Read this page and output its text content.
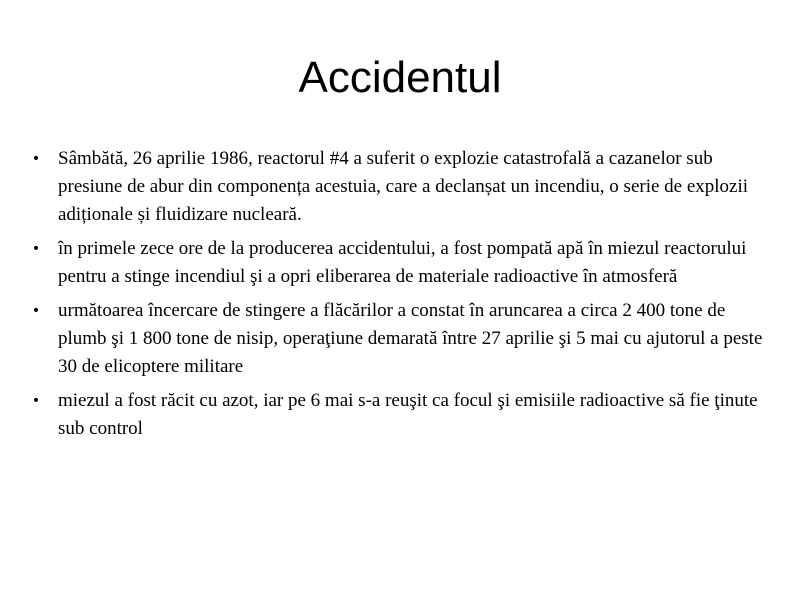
Accidentul
• Sâmbătă, 26 aprilie 1986, reactorul #4 a suferit o explozie catastrofală a cazanelor sub presiune de abur din componența acestuia, care a declanșat un incendiu, o serie de explozii adiționale și fluidizare nucleară.
• în primele zece ore de la producerea accidentului, a fost pompată apă în miezul reactorului pentru a stinge incendiul şi a opri eliberarea de materiale radioactive în atmosferă
• următoarea încercare de stingere a flăcărilor a constat în aruncarea a circa 2 400 tone de plumb şi 1 800 tone de nisip, operaţiune demarată între 27 aprilie şi 5 mai cu ajutorul a peste 30 de elicoptere militare
• miezul a fost răcit cu azot, iar pe 6 mai s-a reuşit ca focul şi emisiile radioactive să fie ţinute sub control
